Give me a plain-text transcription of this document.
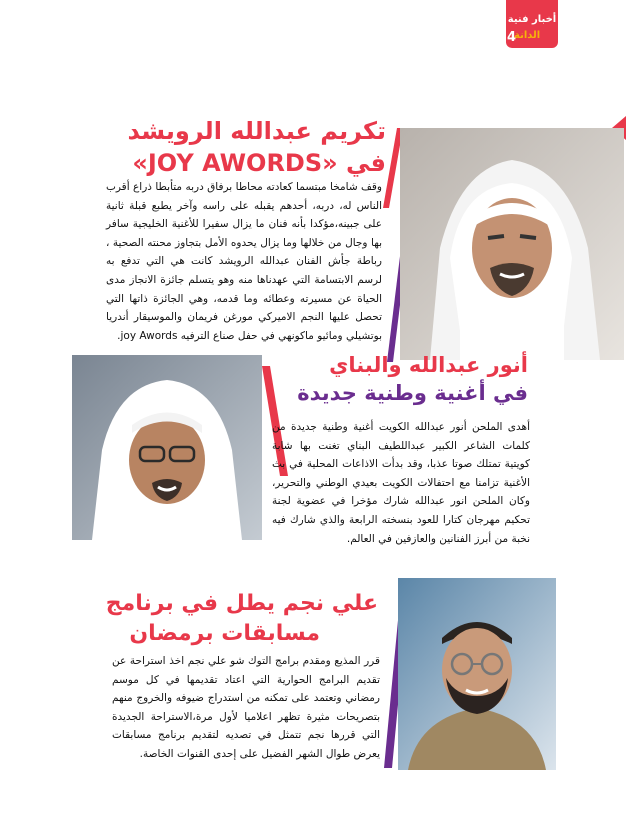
أخبار فنية
الدانة
34
تكريم عبدالله الرويشد
في «JOY AWORDS»
وقف شامخا مبتسما كعادته محاطا برفاق دربه متأبطا ذراع أقرب الناس له، دربه، أحدهم يقبله على راسه وآخر يطبع قبلة ثانية على جبينه،مؤكدا بأنه فنان ما يزال سفيرا للأغنية الخليجية سافر بها وجال من خلالها وما يزال يحدوه الأمل بتجاوز محنته الصحية ، رباطة جأش الفنان عبدالله الرويشد كانت هي التي تدفع به لرسم الابتسامة التي عهدناها منه وهو يتسلم جائزة الانجاز مدى الحياة عن مسيرته وعطائه وما قدمه، وهي الجائزة ذاتها التي تحصل عليها النجم الاميركي مورغن فريمان والموسيقار أندريا بوتشيلي ومائيو ماكونهي في حفل صناع الترفيه joy Awords.
أنور عبدالله والبناي
في أغنية وطنية جديدة
أهدى الملحن أنور عبدالله الكويت أغنية وطنية جديدة من كلمات الشاعر الكبير عبداللطيف البناي تغنت بها شابة كويتية تمتلك صوتا عذبا، وقد بدأت الاذاعات المحلية في بث الأغنية تزامنا مع احتفالات الكويت بعيدي الوطني والتحرير، وكان الملحن انور عبدالله شارك مؤخرا في عضوية لجنة تحكيم مهرجان كتارا للعود بنسخته الرابعة والذي شارك فيه نخبة من أبرز الفنانين والعازفين في العالم.
علي نجم يطل في برنامج
مسابقات برمضان
قرر المذيع ومقدم برامج التوك شو علي نجم اخذ استراحة عن تقديم البرامج الحوارية التي اعتاد تقديمها في كل موسم رمضاني وتعتمد على تمكنه من استدراج ضيوفه والخروج منهم بتصريحات مثيرة تظهر اعلاميا لأول مرة،الاستراحة الجديدة التي قررها نجم تتمثل في تصديه لتقديم برنامج مسابقات يعرض طوال الشهر الفضيل على إحدى القنوات الخاصة.
